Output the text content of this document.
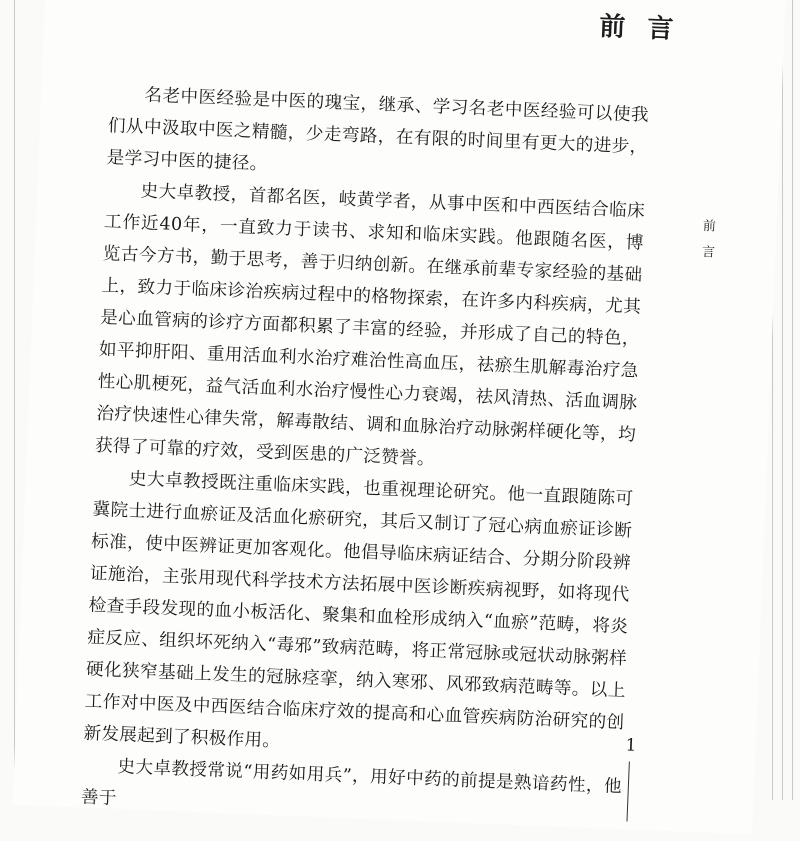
前言

名老中医经验是中医的瑰宝，继承、学习名老中医经验可以使我们从中汲取中医之精髓，少走弯路，在有限的时间里有更大的进步，是学习中医的捷径。

史大卓教授，首都名医，岐黄学者，从事中医和中西医结合临床工作近40年，一直致力于读书、求知和临床实践。他跟随名医，博览古今方书，勤于思考，善于归纳创新。在继承前辈专家经验的基础上，致力于临床诊治疾病过程中的格物探索，在许多内科疾病，尤其是心血管病的诊疗方面都积累了丰富的经验，并形成了自己的特色，如平抑肝阳、重用活血利水治疗难治性高血压，祛瘀生肌解毒治疗急性心肌梗死，益气活血利水治疗慢性心力衰竭，祛风清热、活血调脉治疗快速性心律失常，解毒散结、调和血脉治疗动脉粥样硬化等，均获得了可靠的疗效，受到医患的广泛赞誉。

史大卓教授既注重临床实践，也重视理论研究。他一直跟随陈可冀院士进行血瘀证及活血化瘀研究，其后又制订了冠心病血瘀证诊断标准，使中医辨证更加客观化。他倡导临床病证结合、分期分阶段辨证施治，主张用现代科学技术方法拓展中医诊断疾病视野，如将现代检查手段发现的血小板活化、聚集和血栓形成纳入“血瘀”范畴，将炎症反应、组织坏死纳入“毒邪”致病范畴，将正常冠脉或冠状动脉粥样硬化狭窄基础上发生的冠脉痉挛，纳入寒邪、风邪致病范畴等。以上工作对中医及中西医结合临床疗效的提高和心血管疾病防治研究的创新发展起到了积极作用。

史大卓教授常说“用药如用兵”，用好中药的前提是熟谙药性，他善于

前言
1
